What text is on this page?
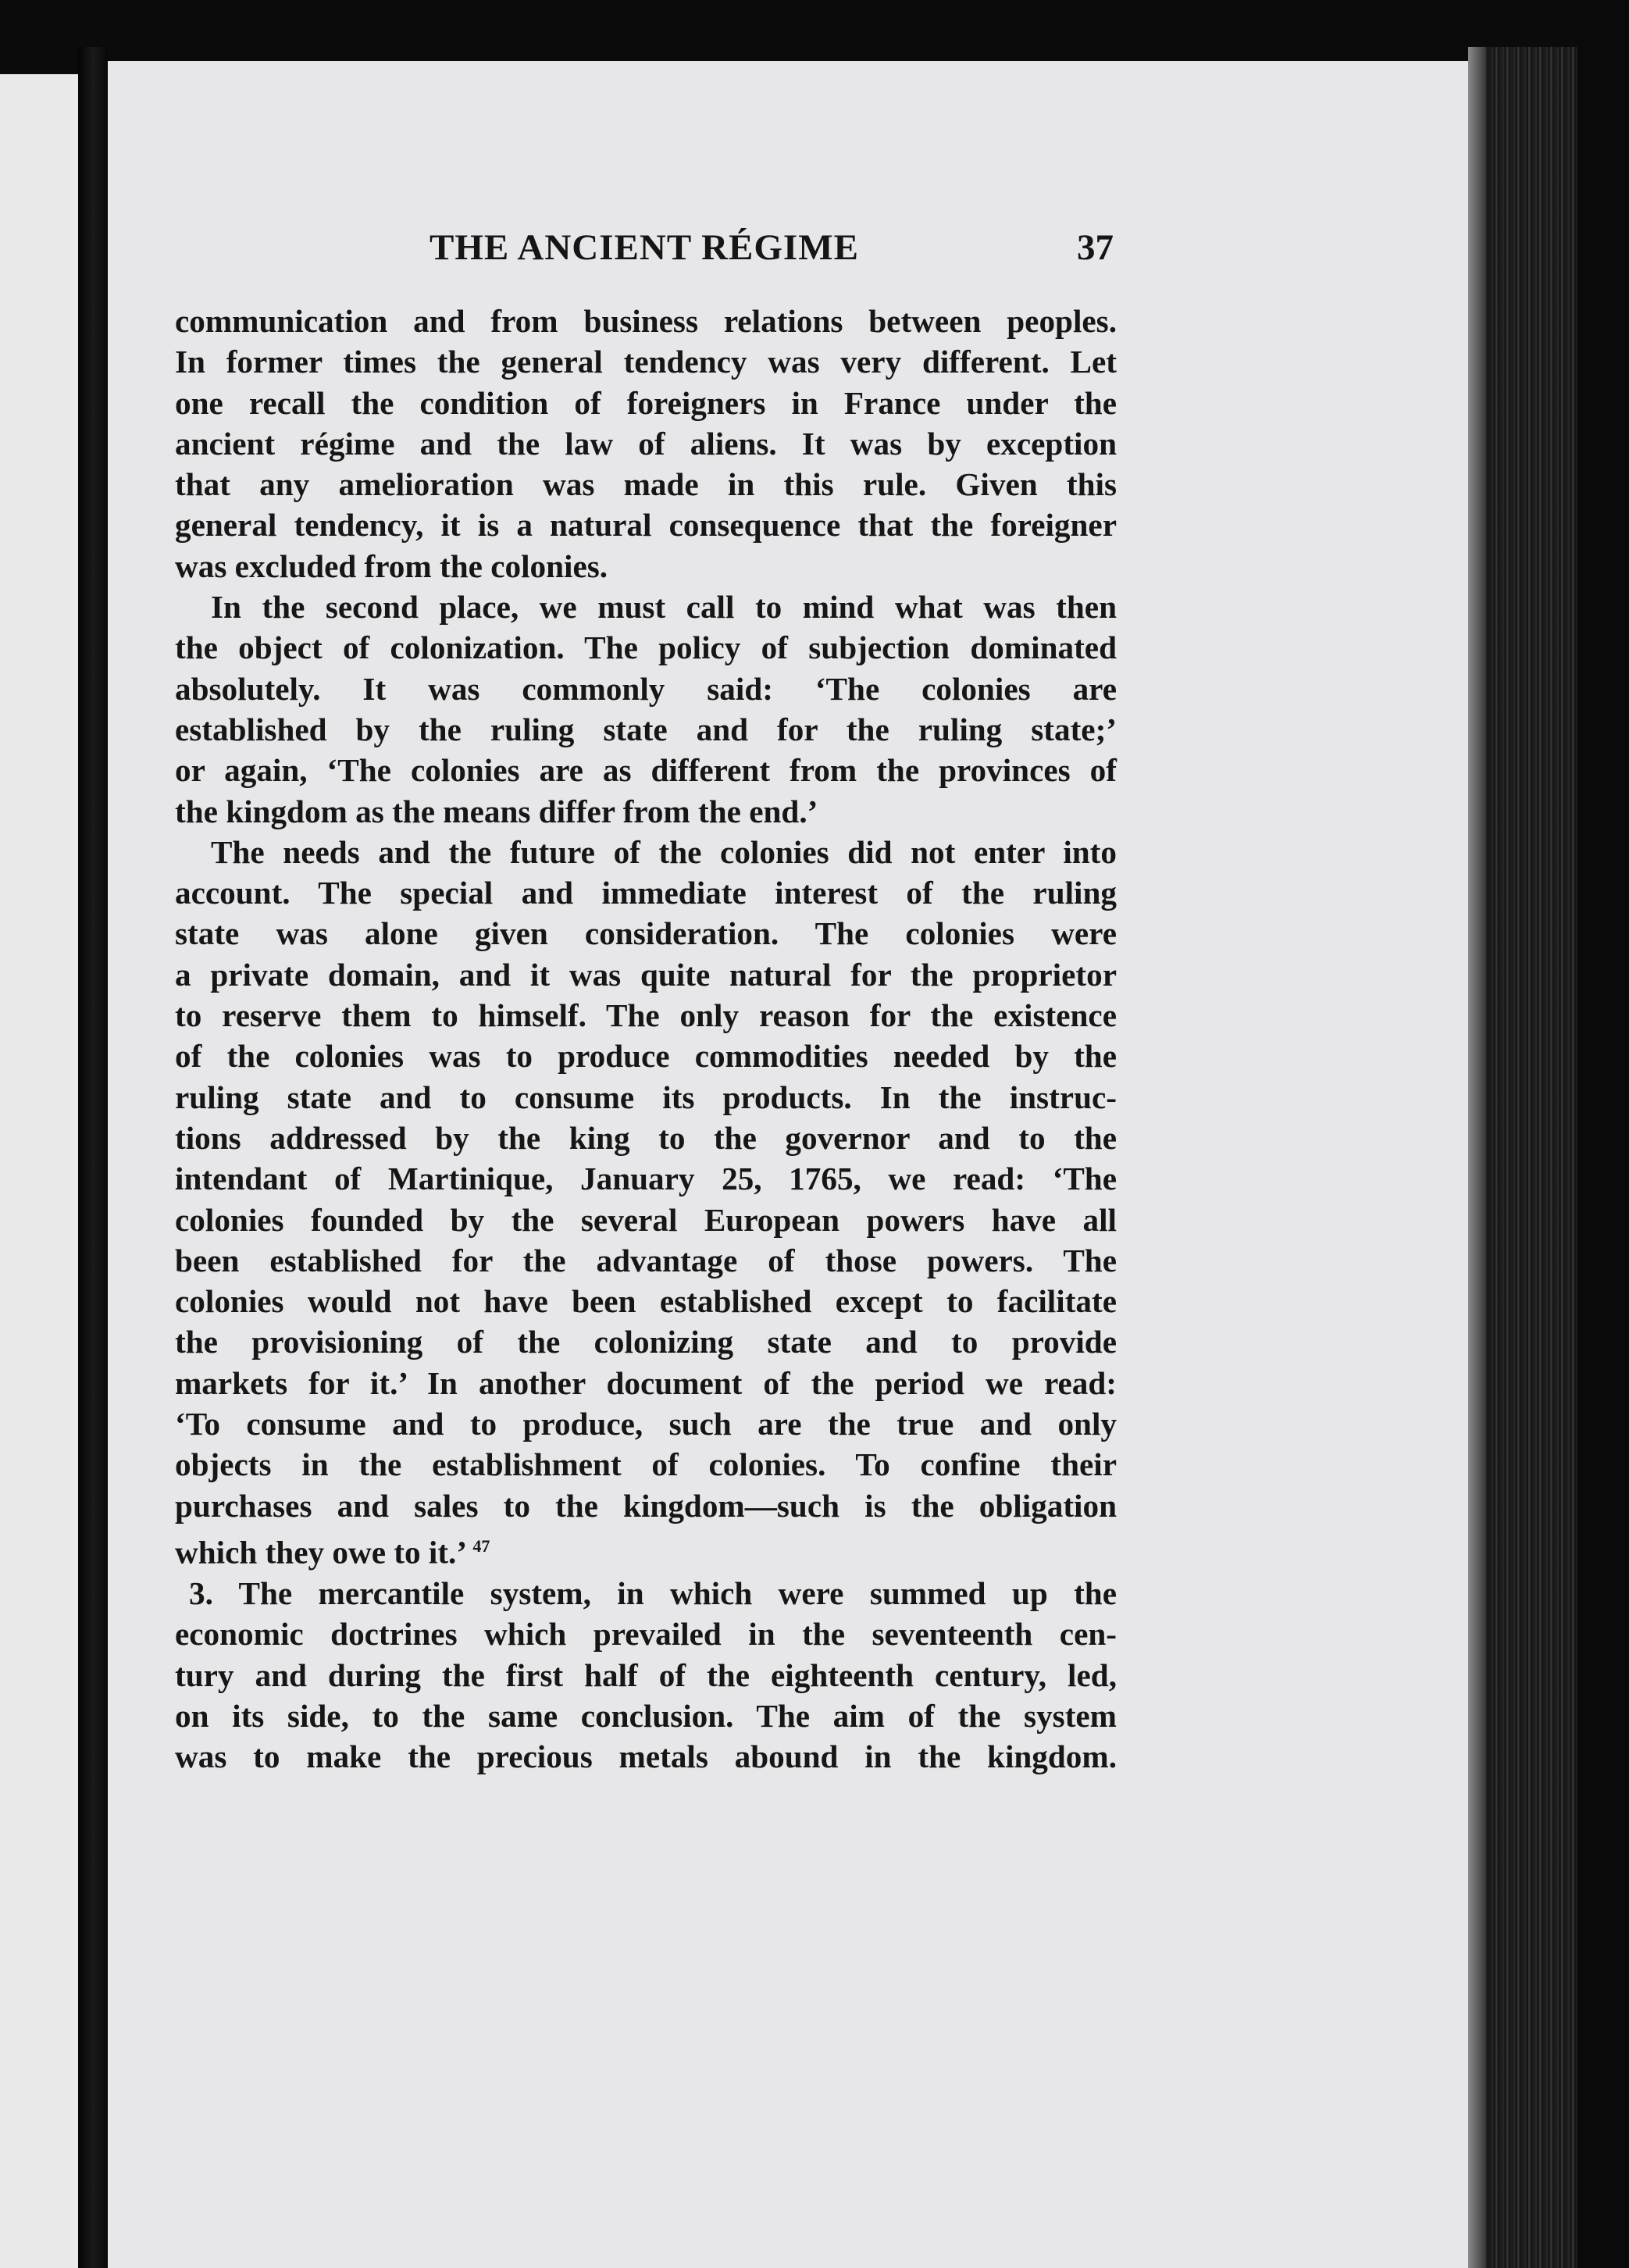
THE ANCIENT RÉGIME	37
communication and from business relations between peoples.
In former times the general tendency was very different. Let
one recall the condition of foreigners in France under the
ancient régime and the law of aliens. It was by exception
that any amelioration was made in this rule. Given this
general tendency, it is a natural consequence that the foreigner
was excluded from the colonies.
In the second place, we must call to mind what was then
the object of colonization. The policy of subjection dominated
absolutely. It was commonly said: ‘The colonies are
established by the ruling state and for the ruling state;’
or again, ‘The colonies are as different from the provinces of
the kingdom as the means differ from the end.’
The needs and the future of the colonies did not enter into
account. The special and immediate interest of the ruling
state was alone given consideration. The colonies were
a private domain, and it was quite natural for the proprietor
to reserve them to himself. The only reason for the existence
of the colonies was to produce commodities needed by the
ruling state and to consume its products. In the instruc-
tions addressed by the king to the governor and to the
intendant of Martinique, January 25, 1765, we read: ‘The
colonies founded by the several European powers have all
been established for the advantage of those powers. The
colonies would not have been established except to facilitate
the provisioning of the colonizing state and to provide
markets for it.’ In another document of the period we read:
‘To consume and to produce, such are the true and only
objects in the establishment of colonies. To confine their
purchases and sales to the kingdom—such is the obligation
which they owe to it.’ $^{47}$
3. The mercantile system, in which were summed up the
economic doctrines which prevailed in the seventeenth cen-
tury and during the first half of the eighteenth century, led,
on its side, to the same conclusion. The aim of the system
was to make the precious metals abound in the kingdom.
